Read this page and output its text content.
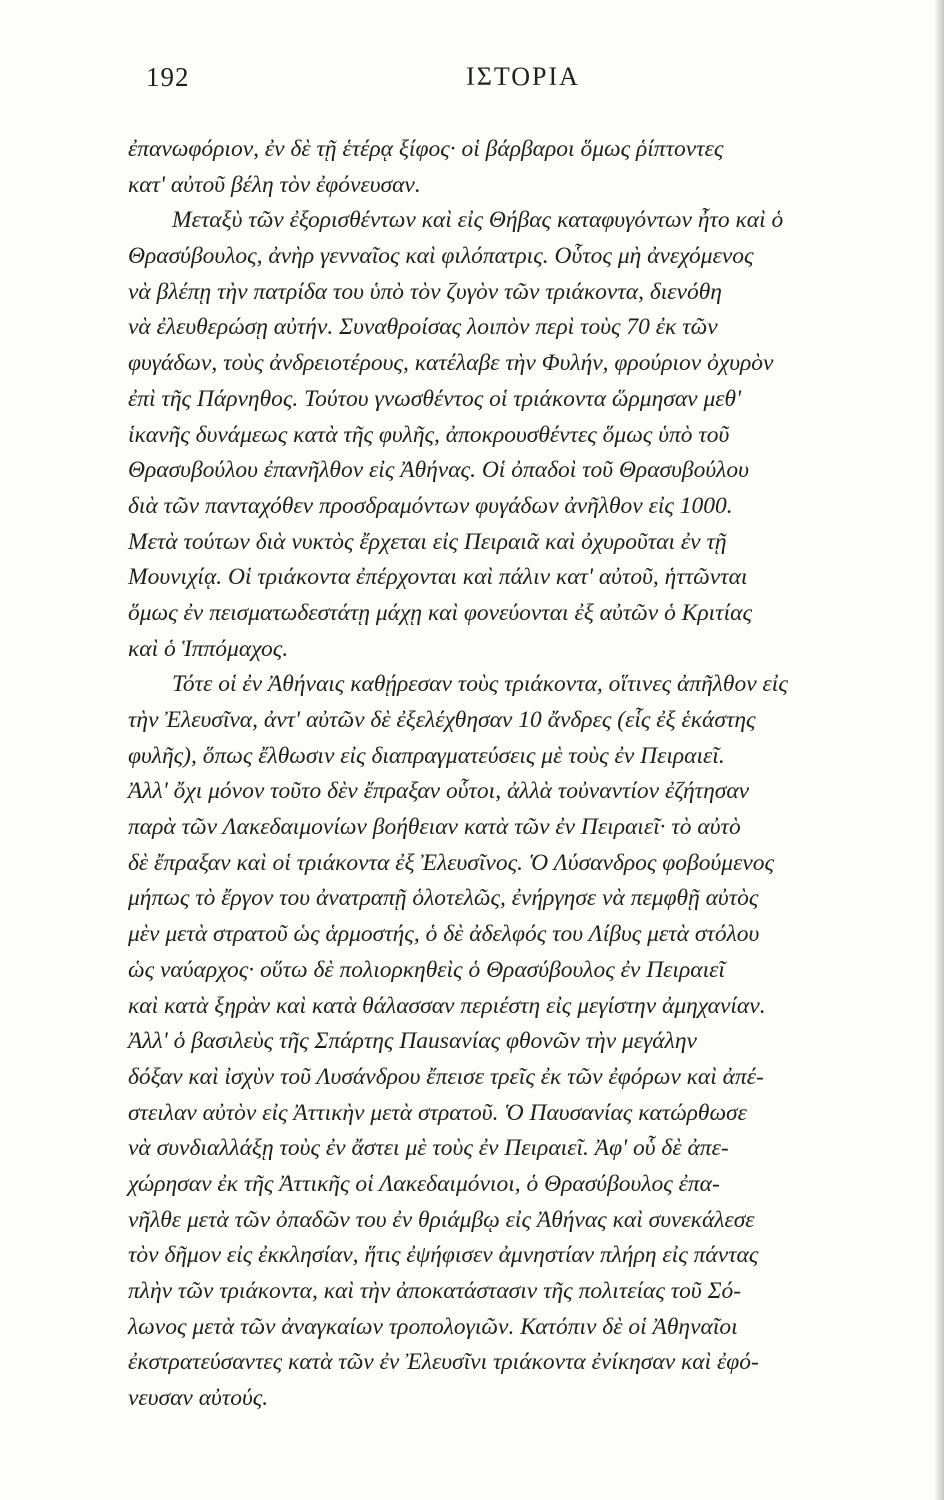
192	ΙΣΤΟΡΙΑ
ἐπανωφόριον, ἐν δὲ τῇ ἑτέρᾳ ξίφος· οἱ βάρβαροι ὅμως ῥίπτοντες
κατ' αὐτοῦ βέλη τὸν ἐφόνευσαν.
Μεταξὺ τῶν ἐξορισθέντων καὶ εἰς Θήβας καταφυγόντων ἦτο καὶ ὁ
Θρασύβουλος, ἀνὴρ γενναῖος καὶ φιλόπατρις. Οὗτος μὴ ἀνεχόμενος
νὰ βλέπῃ τὴν πατρίδα του ὑπὸ τὸν ζυγὸν τῶν τριάκοντα, διενόθη
νὰ ἐλευθερώσῃ αὐτήν. Συναθροίσας λοιπὸν περὶ τοὺς 70 ἐκ τῶν
φυγάδων, τοὺς ἀνδρειοτέρους, κατέλαβε τὴν Φυλήν, φρούριον ὀχυρὸν
ἐπὶ τῆς Πάρνηθος. Τούτου γνωσθέντος οἱ τριάκοντα ὥρμησαν μεθ'
ἱκανῆς δυνάμεως κατὰ τῆς φυλῆς, ἀποκρουσθέντες ὅμως ὑπὸ τοῦ
Θρασυβούλου ἐπανῆλθον εἰς Ἀθήνας. Οἱ ὀπαδοὶ τοῦ Θρασυβούλου
διὰ τῶν πανταχόθεν προσδραμόντων φυγάδων ἀνῆλθον εἰς 1000.
Μετὰ τούτων διὰ νυκτὸς ἔρχεται εἰς Πειραιᾶ καὶ ὀχυροῦται ἐν τῇ
Μουνιχίᾳ. Οἱ τριάκοντα ἐπέρχονται καὶ πάλιν κατ' αὐτοῦ, ἡττῶνται
ὅμως ἐν πεισματωδεστάτῃ μάχῃ καὶ φονεύονται ἐξ αὐτῶν ὁ Κριτίας
καὶ ὁ Ἱππόμαχος.
Τότε οἱ ἐν Ἀθήναις καθῄρεσαν τοὺς τριάκοντα, οἵτινες ἀπῆλθον εἰς
τὴν Ἐλευσῖνα, ἀντ' αὐτῶν δὲ ἐξελέχθησαν 10 ἄνδρες (εἷς ἐξ ἑκάστης
φυλῆς), ὅπως ἔλθωσιν εἰς διαπραγματεύσεις μὲ τοὺς ἐν Πειραιεῖ.
Ἀλλ' ὄχι μόνον τοῦτο δὲν ἔπραξαν οὗτοι, ἀλλὰ τοὐναντίον ἐζήτησαν
παρὰ τῶν Λακεδαιμονίων βοήθειαν κατὰ τῶν ἐν Πειραιεῖ· τὸ αὐτὸ
δὲ ἔπραξαν καὶ οἱ τριάκοντα ἐξ Ἐλευσῖνος. Ὁ Λύσανδρος φοβούμενος
μήπως τὸ ἔργον του ἀνατραπῇ ὁλοτελῶς, ἐνήργησε νὰ πεμφθῇ αὐτὸς
μὲν μετὰ στρατοῦ ὡς ἁρμοστής, ὁ δὲ ἀδελφός του Λίβυς μετὰ στόλου
ὡς ναύαρχος· οὕτω δὲ πολιορκηθεὶς ὁ Θρασύβουλος ἐν Πειραιεῖ
καὶ κατὰ ξηρὰν καὶ κατὰ θάλασσαν περιέστη εἰς μεγίστην ἀμηχανίαν.
Ἀλλ' ὁ βασιλεὺς τῆς Σπάρτης Πausανίας φθονῶν τὴν μεγάλην
δόξαν καὶ ἰσχὺν τοῦ Λυσάνδρου ἔπεισε τρεῖς ἐκ τῶν ἐφόρων καὶ ἀπέ-
στειλαν αὐτὸν εἰς Ἀττικὴν μετὰ στρατοῦ. Ὁ Παυσανίας κατώρθωσε
νὰ συνδιαλλάξῃ τοὺς ἐν ἄστει μὲ τοὺς ἐν Πειραιεῖ. Ἀφ' οὗ δὲ ἀπε-
χώρησαν ἐκ τῆς Ἀττικῆς οἱ Λακεδαιμόνιοι, ὁ Θρασύβουλος ἐπα-
νῆλθε μετὰ τῶν ὀπαδῶν του ἐν θριάμβῳ εἰς Ἀθήνας καὶ συνεκάλεσε
τὸν δῆμον εἰς ἐκκλησίαν, ἥτις ἐψήφισεν ἀμνηστίαν πλήρη εἰς πάντας
πλὴν τῶν τριάκοντα, καὶ τὴν ἀποκατάστασιν τῆς πολιτείας τοῦ Σό-
λωνος μετὰ τῶν ἀναγκαίων τροπολογιῶν. Κατόπιν δὲ οἱ Ἀθηναῖοι
ἐκστρατεύσαντες κατὰ τῶν ἐν Ἐλευσῖνι τριάκοντα ἐνίκησαν καὶ ἐφό-
νευσαν αὐτούς.
